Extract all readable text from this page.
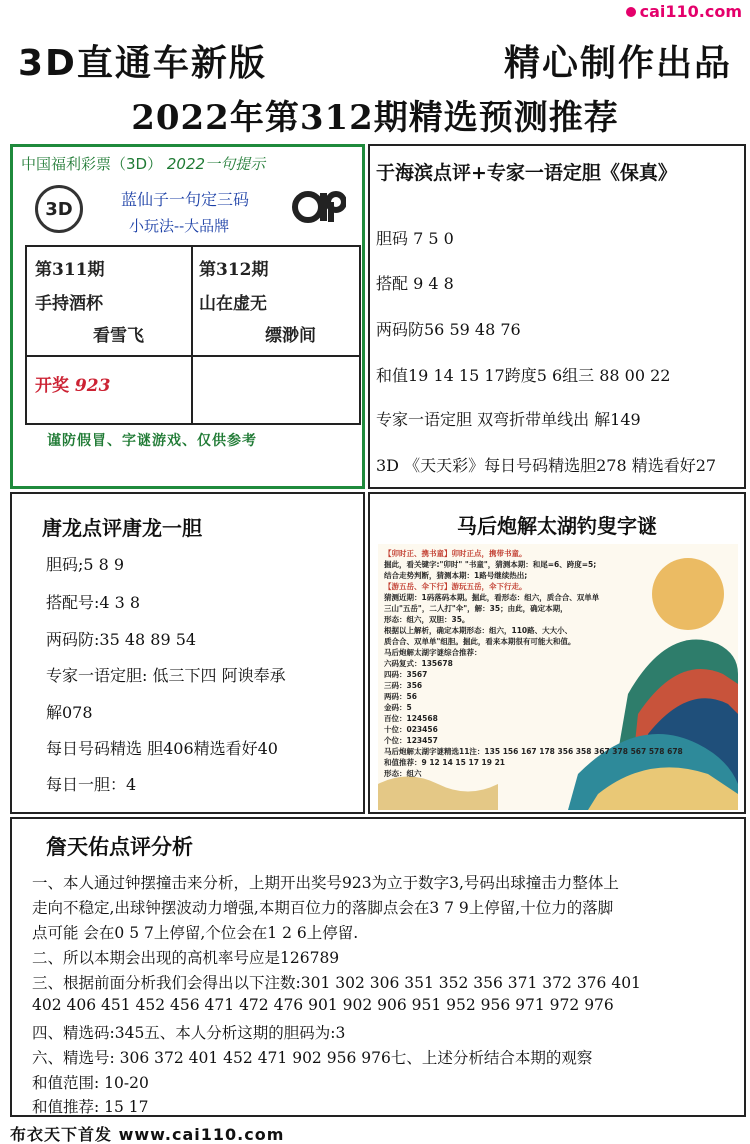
cai110.com
3D直通车新版	精心制作出品
2022年第312期精选预测推荐
中国福利彩票（3D） 2022一句提示
3D	蓝仙子一句定三码
小玩法--大品牌
第311期
手持酒杯
看雪飞
第312期
山在虚无
缥渺间
开奖 923
谨防假冒、字谜游戏、仅供参考
于海滨点评+专家一语定胆《保真》
胆码 7 5 0
搭配 9 4 8
两码防56 59 48 76
和值19 14 15 17跨度5 6组三 88 00 22
专家一语定胆 双弯折带单线出 解149
3D 《天天彩》每日号码精选胆278 精选看好27
唐龙点评唐龙一胆
胆码;5 8 9
搭配号:4 3 8
两码防:35 48 89 54
专家一语定胆: 低三下四 阿谀奉承
解078
每日号码精选 胆406精选看好40
每日一胆：4
马后炮解太湖钓叟字谜
【卯时正、携书童】卯时正点，携带书童。
掘此，看关键字:"卯时" "书童"，猜测本期：和尾=6、跨度=5;
结合走势判断，猜测本期：1路号继续热出;
【游五岳、伞下行】游玩五岳，伞下行走。
猜测近期：1码落码本期。掘此，看形态：组六，质合合、双单单
三山"五岳"，二人打"伞"，解：35；由此，确定本期，
形态：组六，双胆：35。
根据以上解析，确定本期形态：组六，110路、大大小、
质合合、双单单"组胆。掘此，看来本期很有可能大和值。
马后炮解太湖字谜综合推荐：
六码复式：135678
四码：3567
三码：356
两码：56
金码：5
百位：124568
十位：023456
个位：123457
马后炮解太湖字谜精选11注：135 156 167 178 356 358 367 378 567 578 678
和值推荐：9 12 14 15 17 19 21
形态：组六
詹天佑点评分析
一、本人通过钟摆撞击来分析，上期开出奖号923为立于数字3,号码出球撞击力整体上
走向不稳定,出球钟摆波动力增强,本期百位力的落脚点会在3 7 9上停留,十位力的落脚
点可能 会在0 5 7上停留,个位会在1 2 6上停留.
二、所以本期会出现的高机率号应是126789
三、根据前面分析我们会得出以下注数:301 302 306 351 352 356 371 372 376 401
402 406 451 452 456 471 472 476 901 902 906 951 952 956 971 972 976
四、精选码:345五、本人分析这期的胆码为:3
六、精选号: 306 372 401 452 471 902 956 976七、上述分析结合本期的观察
和值范围: 10-20
和值推荐: 15 17
布衣天下首发 www.cai110.com
